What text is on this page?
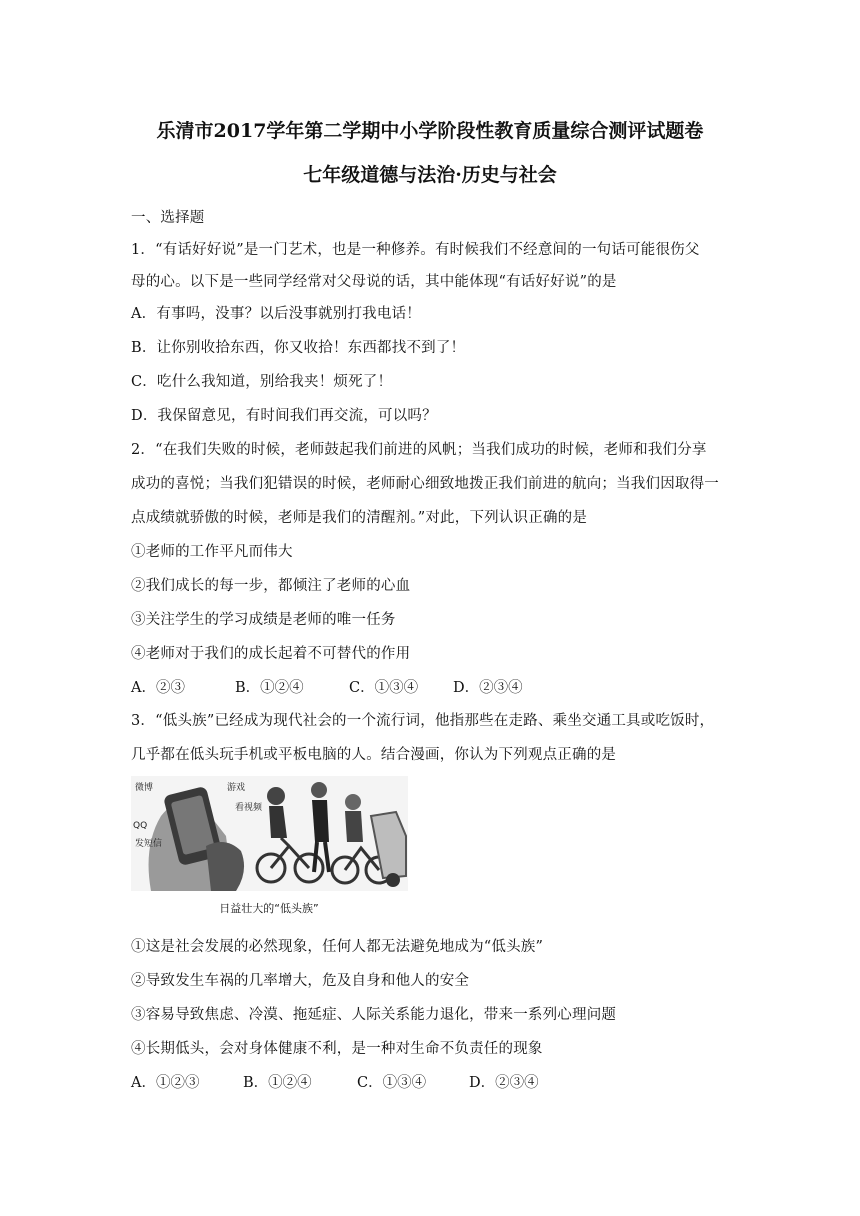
乐清市2017学年第二学期中小学阶段性教育质量综合测评试题卷
七年级道德与法治·历史与社会
一、选择题
1．“有话好好说”是一门艺术，也是一种修养。有时候我们不经意间的一句话可能很伤父
母的心。以下是一些同学经常对父母说的话，其中能体现“有话好好说”的是
A．有事吗，没事？以后没事就别打我电话！
B．让你别收拾东西，你又收拾！东西都找不到了！
C．吃什么我知道，别给我夹！烦死了！
D．我保留意见，有时间我们再交流，可以吗？
2．“在我们失败的时候，老师鼓起我们前进的风帆；当我们成功的时候，老师和我们分享
成功的喜悦；当我们犯错误的时候，老师耐心细致地拨正我们前进的航向；当我们因取得一
点成绩就骄傲的时候，老师是我们的清醒剂。”对此，下列认识正确的是
①老师的工作平凡而伟大
②我们成长的每一步，都倾注了老师的心血
③关注学生的学习成绩是老师的唯一任务
④老师对于我们的成长起着不可替代的作用
A．②③	B．①②④	C．①③④ D．②③④
3．“低头族”已经成为现代社会的一个流行词，他指那些在走路、乘坐交通工具或吃饭时，
几乎都在低头玩手机或平板电脑的人。结合漫画，你认为下列观点正确的是
微博
QQ
发短信
游戏
看视频
日益壮大的“低头族”
①这是社会发展的必然现象，任何人都无法避免地成为“低头族”
②导致发生车祸的几率增大，危及自身和他人的安全
③容易导致焦虑、冷漠、拖延症、人际关系能力退化，带来一系列心理问题
④长期低头，会对身体健康不利，是一种对生命不负责任的现象
A．①②③	B．①②④	C．①③④	D．②③④
